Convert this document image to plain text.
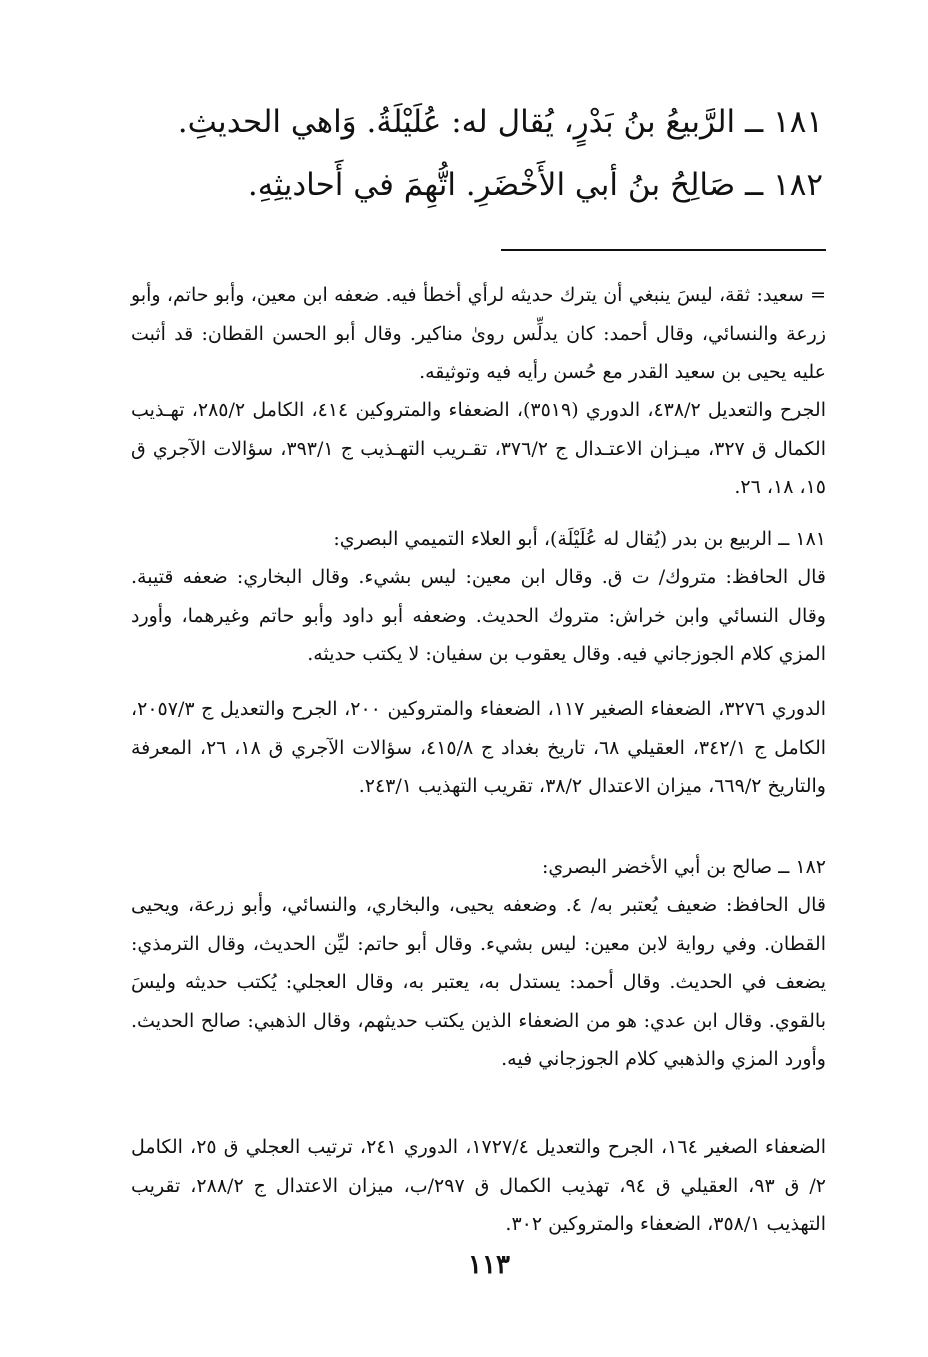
١٨١ ــ الرَّبيعُ بنُ بَدْرٍ، يُقال له: عُلَيْلَةُ. وَاهي الحديثِ.
١٨٢ ــ صَالِحُ بنُ أبي الأَخْضَرِ. اتُّهِمَ في أَحاديثِهِ.
= سعيد: ثقة، ليسَ ينبغي أن يترك حديثه لرأي أخطأ فيه. ضعفه ابن معين، وأبو حاتم، وأبو زرعة والنسائي، وقال أحمد: كان يدلِّس روىٰ مناكير. وقال أبو الحسن القطان: قد أثبت عليه يحيى بن سعيد القدر مع حُسن رأيه فيه وتوثيقه.
الجرح والتعديل ٤٣٨/٢، الدوري (٣٥١٩)، الضعفاء والمتروكين ٤١٤، الكامل ٢٨٥/٢، تهـذيب الكمال ق ٣٢٧، ميـزان الاعتـدال ج ٣٧٦/٢، تقـريب التهـذيب ج ٣٩٣/١، سؤالات الآجري ق ١٥، ١٨، ٢٦.
١٨١ ــ الربيع بن بدر (يُقال له عُلَيْلَة)، أبو العلاء التميمي البصري:
قال الحافظ: متروك/ ت ق. وقال ابن معين: ليس بشيء. وقال البخاري: ضعفه قتيبة. وقال النسائي وابن خراش: متروك الحديث. وضعفه أبو داود وأبو حاتم وغيرهما، وأورد المزي كلام الجوزجاني فيه. وقال يعقوب بن سفيان: لا يكتب حديثه.
الدوري ٣٢٧٦، الضعفاء الصغير ١١٧، الضعفاء والمتروكين ٢٠٠، الجرح والتعديل ج ٢٠٥٧/٣، الكامل ج ٣٤٢/١، العقيلي ٦٨، تاريخ بغداد ج ٤١٥/٨، سؤالات الآجري ق ١٨، ٢٦، المعرفة والتاريخ ٦٦٩/٢، ميزان الاعتدال ٣٨/٢، تقريب التهذيب ٢٤٣/١.
١٨٢ ــ صالح بن أبي الأخضر البصري:
قال الحافظ: ضعيف يُعتبر به/ ٤. وضعفه يحيى، والبخاري، والنسائي، وأبو زرعة، ويحيى القطان. وفي رواية لابن معين: ليس بشيء. وقال أبو حاتم: ليِّن الحديث، وقال الترمذي: يضعف في الحديث. وقال أحمد: يستدل به، يعتبر به، وقال العجلي: يُكتب حديثه وليسَ بالقوي. وقال ابن عدي: هو من الضعفاء الذين يكتب حديثهم، وقال الذهبي: صالح الحديث. وأورد المزي والذهبي كلام الجوزجاني فيه.
الضعفاء الصغير ١٦٤، الجرح والتعديل ١٧٢٧/٤، الدوري ٢٤١، ترتيب العجلي ق ٢٥، الكامل ٢/ ق ٩٣، العقيلي ق ٩٤، تهذيب الكمال ق ٢٩٧/ب، ميزان الاعتدال ج ٢٨٨/٢، تقريب التهذيب ٣٥٨/١، الضعفاء والمتروكين ٣٠٢.
١١٣
